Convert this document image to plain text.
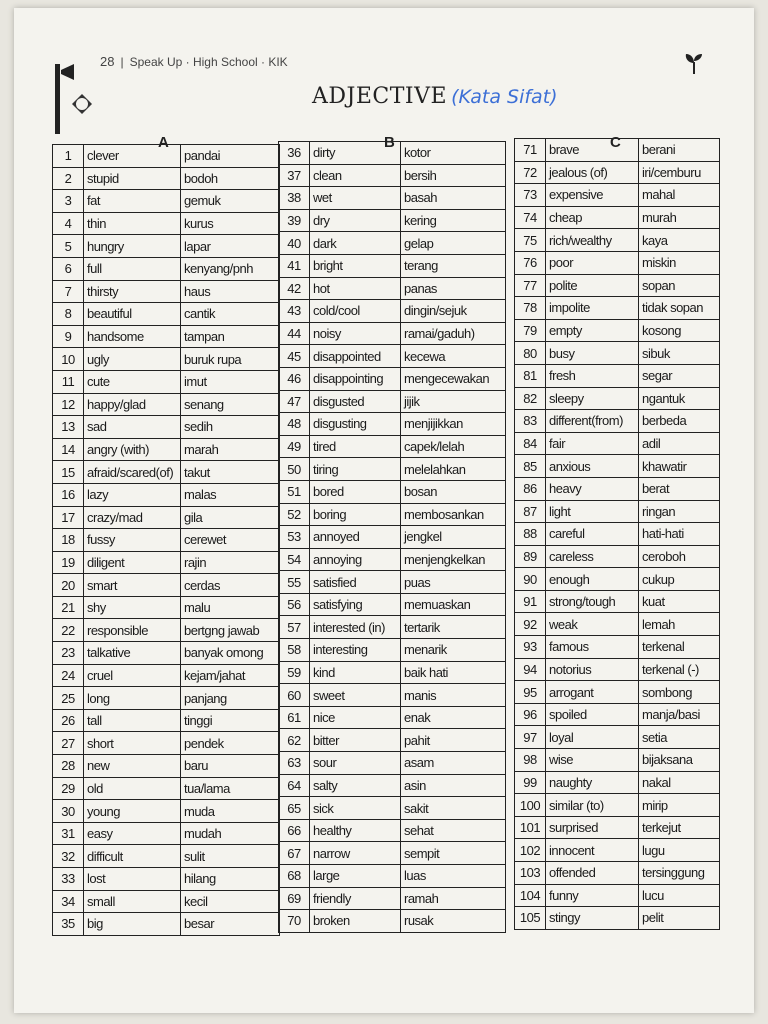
28 | Speak Up · High School · KIK
1	ADJECTIVE (Kata Sifat)
A	B	C
1	clever	pandai
2	stupid	bodoh
3	fat	gemuk
4	thin	kurus
5	hungry	lapar
6	full	kenyang/pnh
7	thirsty	haus
8	beautiful	cantik
9	handsome	tampan
10	ugly	buruk rupa
11	cute	imut
12	happy/glad	senang
13	sad	sedih
14	angry (with)	marah
15	afraid/scared(of)	takut
16	lazy	malas
17	crazy/mad	gila
18	fussy	cerewet
19	diligent	rajin
20	smart	cerdas
21	shy	malu
22	responsible	bertgng jawab
23	talkative	banyak omong
24	cruel	kejam/jahat
25	long	panjang
26	tall	tinggi
27	short	pendek
28	new	baru
29	old	tua/lama
30	young	muda
31	easy	mudah
32	difficult	sulit
33	lost	hilang
34	small	kecil
35	big	besar
36	dirty	kotor
37	clean	bersih
38	wet	basah
39	dry	kering
40	dark	gelap
41	bright	terang
42	hot	panas
43	cold/cool	dingin/sejuk
44	noisy	ramai/gaduh)
45	disappointed	kecewa
46	disappointing	mengecewakan
47	disgusted	jijik
48	disgusting	menjijikkan
49	tired	capek/lelah
50	tiring	melelahkan
51	bored	bosan
52	boring	membosankan
53	annoyed	jengkel
54	annoying	menjengkelkan
55	satisfied	puas
56	satisfying	memuaskan
57	interested (in)	tertarik
58	interesting	menarik
59	kind	baik hati
60	sweet	manis
61	nice	enak
62	bitter	pahit
63	sour	asam
64	salty	asin
65	sick	sakit
66	healthy	sehat
67	narrow	sempit
68	large	luas
69	friendly	ramah
70	broken	rusak
71	brave	berani
72	jealous (of)	iri/cemburu
73	expensive	mahal
74	cheap	murah
75	rich/wealthy	kaya
76	poor	miskin
77	polite	sopan
78	impolite	tidak sopan
79	empty	kosong
80	busy	sibuk
81	fresh	segar
82	sleepy	ngantuk
83	different(from)	berbeda
84	fair	adil
85	anxious	khawatir
86	heavy	berat
87	light	ringan
88	careful	hati-hati
89	careless	ceroboh
90	enough	cukup
91	strong/tough	kuat
92	weak	lemah
93	famous	terkenal
94	notorius	terkenal (-)
95	arrogant	sombong
96	spoiled	manja/basi
97	loyal	setia
98	wise	bijaksana
99	naughty	nakal
100	similar (to)	mirip
101	surprised	terkejut
102	innocent	lugu
103	offended	tersinggung
104	funny	lucu
105	stingy	pelit
